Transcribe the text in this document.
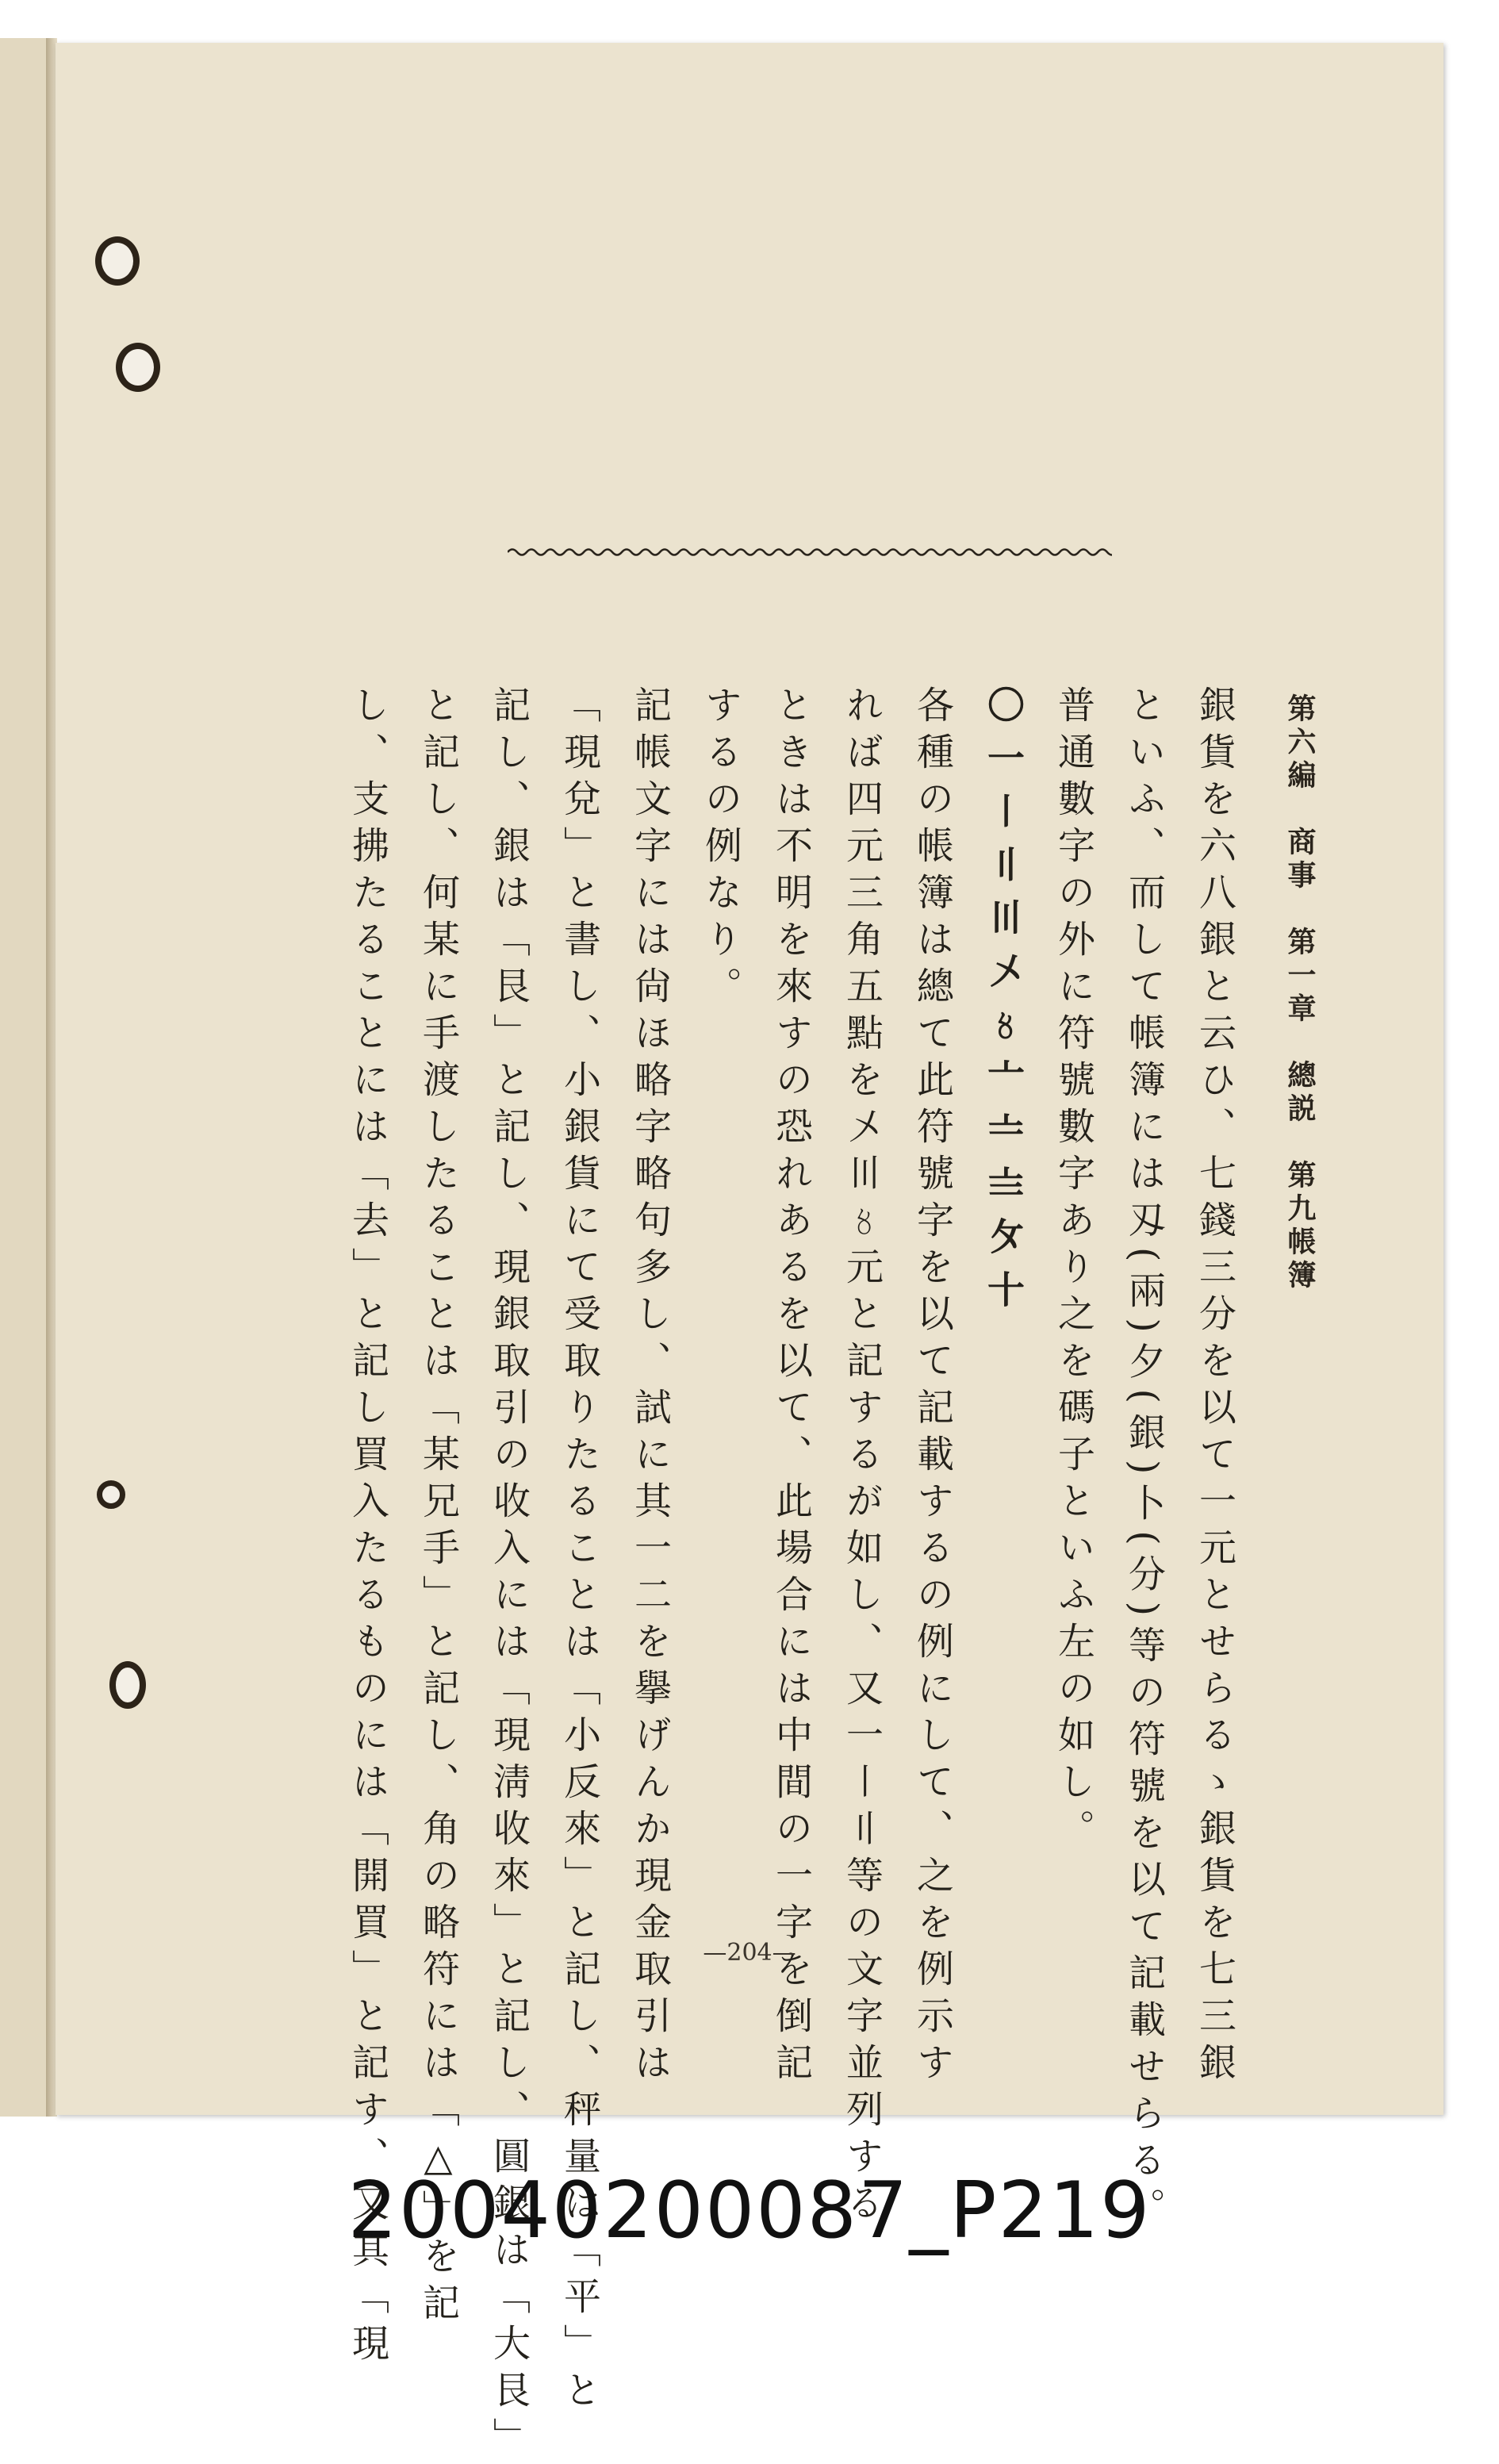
第六編　商事　第一章　總説　第九帳簿

銀貨を六八銀と云ひ、七錢三分を以て一元とせらるゝ銀貨を七三銀

といふ、而して帳簿には刄(兩)夕(銀)卜(分)等の符號を以て記載せらる。

普通數字の外に符號數字あり之を碼子といふ左の如し。

〇一〡〢〣〤〥〦〧〨〩十

各種の帳簿は總て此符號字を以て記載するの例にして、之を例示す

れば四元三角五點を〤〣〥元と記するが如し、又一〡〢等の文字並列する

ときは不明を來すの恐れあるを以て、此場合には中間の一字を倒記

するの例なり。

記帳文字には尙ほ略字略句多し、試に其一二を擧げんか現金取引は

「現兌」と書し、小銀貨にて受取りたることは「小反來」と記し、秤量は「平」と

記し、銀は「艮」と記し、現銀取引の收入には「現淸收來」と記し、圓銀は「大艮」

と記し、何某に手渡したることは「某兄手」と記し、角の略符には「△」を記

し、支拂たることには「去」と記し買入たるものには「開買」と記す、又其「現	—204—
20040200087_P219
